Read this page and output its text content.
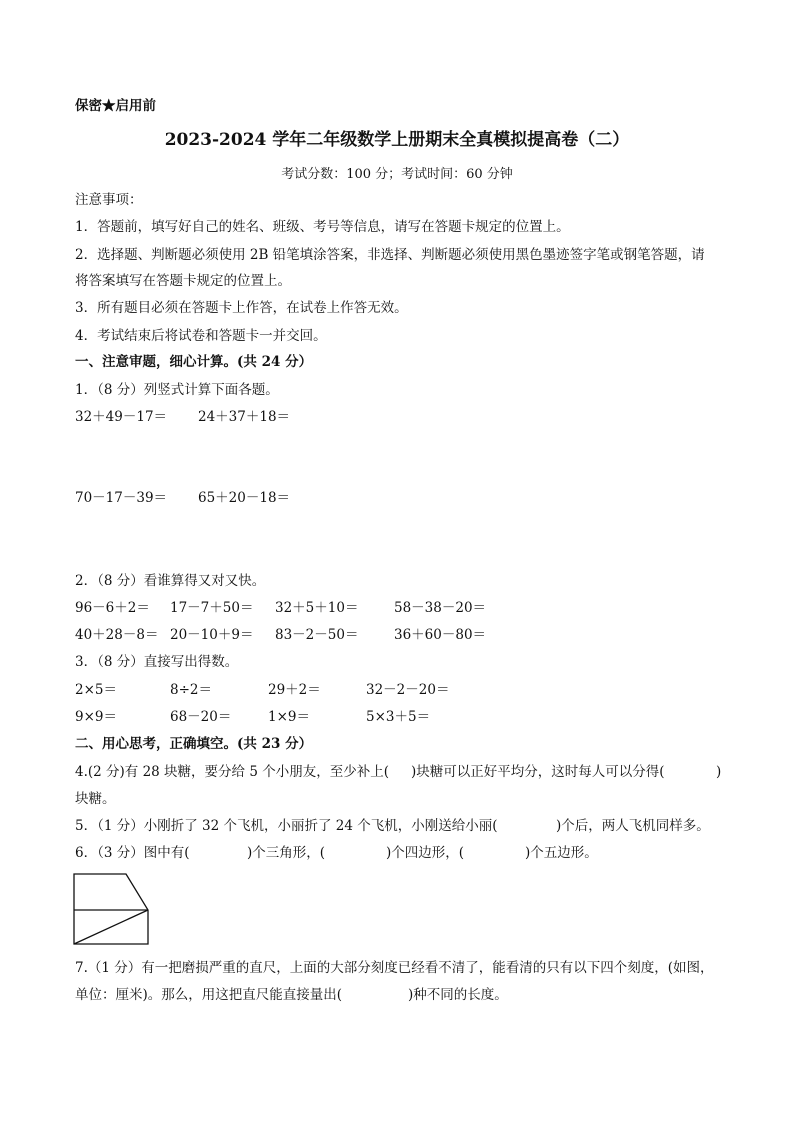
保密★启用前
2023-2024 学年二年级数学上册期末全真模拟提高卷（二）
考试分数：100 分；考试时间：60 分钟
注意事项：
1．答题前，填写好自己的姓名、班级、考号等信息，请写在答题卡规定的位置上。
2．选择题、判断题必须使用 2B 铅笔填涂答案，非选择、判断题必须使用黑色墨迹签字笔或钢笔答题，请
将答案填写在答题卡规定的位置上。
3．所有题目必须在答题卡上作答，在试卷上作答无效。
4．考试结束后将试卷和答题卡一并交回。
一、注意审题，细心计算。(共 24 分）
1．（8 分）列竖式计算下面各题。
32＋49－17＝ 24＋37＋18＝
70－17－39＝ 65＋20－18＝
2．（8 分）看谁算得又对又快。
96－6＋2＝ 17－7＋50＝ 32＋5＋10＝	58－38－20＝
40＋28－8＝ 20－10＋9＝ 83－2－50＝	36＋60－80＝
3．（8 分）直接写出得数。
2×5＝	8÷2＝	29＋2＝	32－2－20＝
9×9＝	68－20＝	1×9＝	5×3＋5＝
二、用心思考，正确填空。(共 23 分）
4.(2 分)有 28 块糖，要分给 5 个小朋友，至少补上( )块糖可以正好平均分，这时每人可以分得(	)
块糖。
5．（1 分）小刚折了 32 个飞机，小丽折了 24 个飞机，小刚送给小丽(	)个后，两人飞机同样多。
6．（3 分）图中有(	)个三角形，(	)个四边形，(	)个五边形。
7.（1 分）有一把磨损严重的直尺，上面的大部分刻度已经看不清了，能看清的只有以下四个刻度，(如图，
单位：厘米)。那么，用这把直尺能直接量出(	)种不同的长度。
